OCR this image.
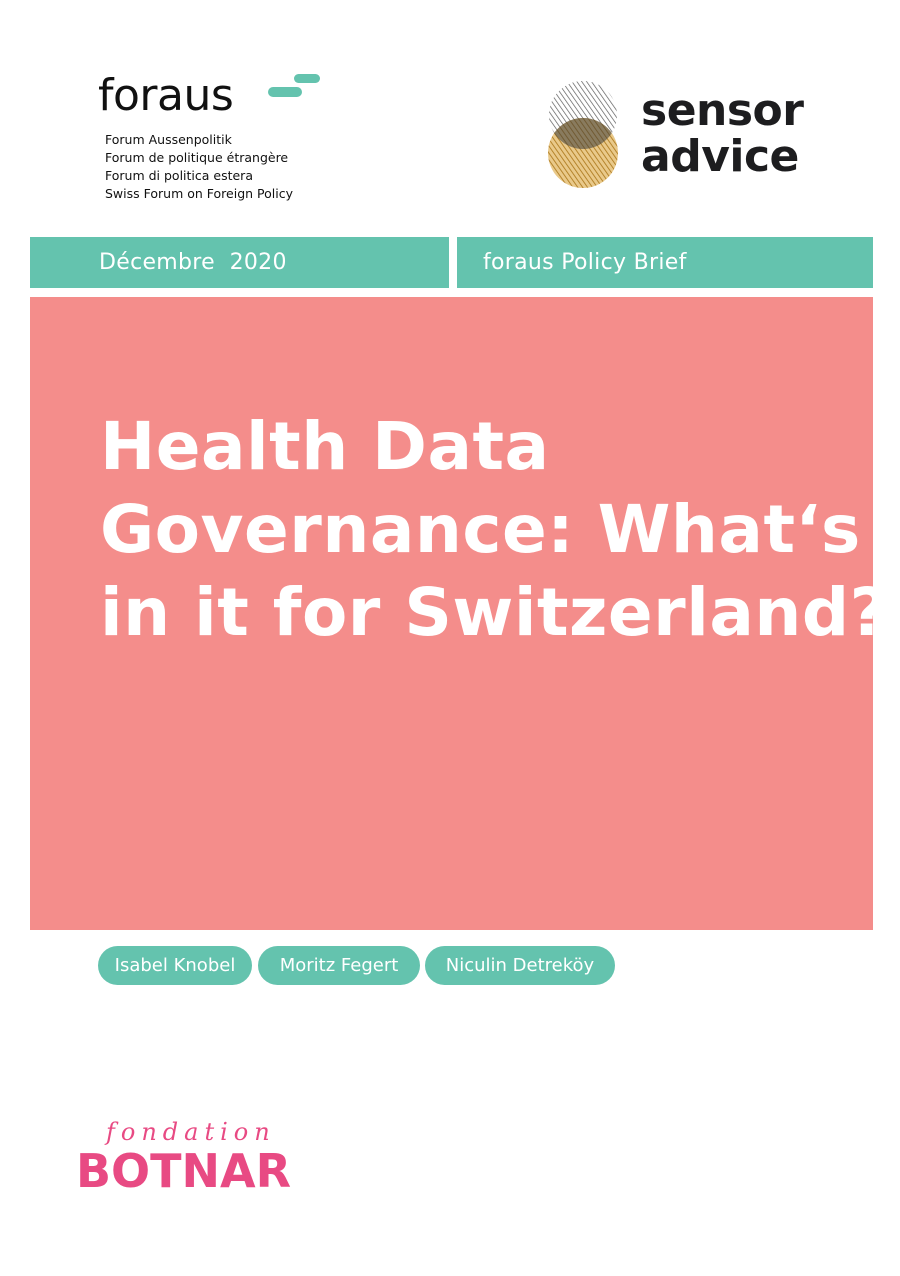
foraus
Forum Aussenpolitik
Forum de politique étrangère
Forum di politica estera
Swiss Forum on Foreign Policy
sensor
advice
Décembre  2020	foraus Policy Brief
Health Data
Governance: What‘s
in it for Switzerland?
Isabel Knobel	Moritz Fegert	Niculin Detreköy
fondation
BOTNAR
